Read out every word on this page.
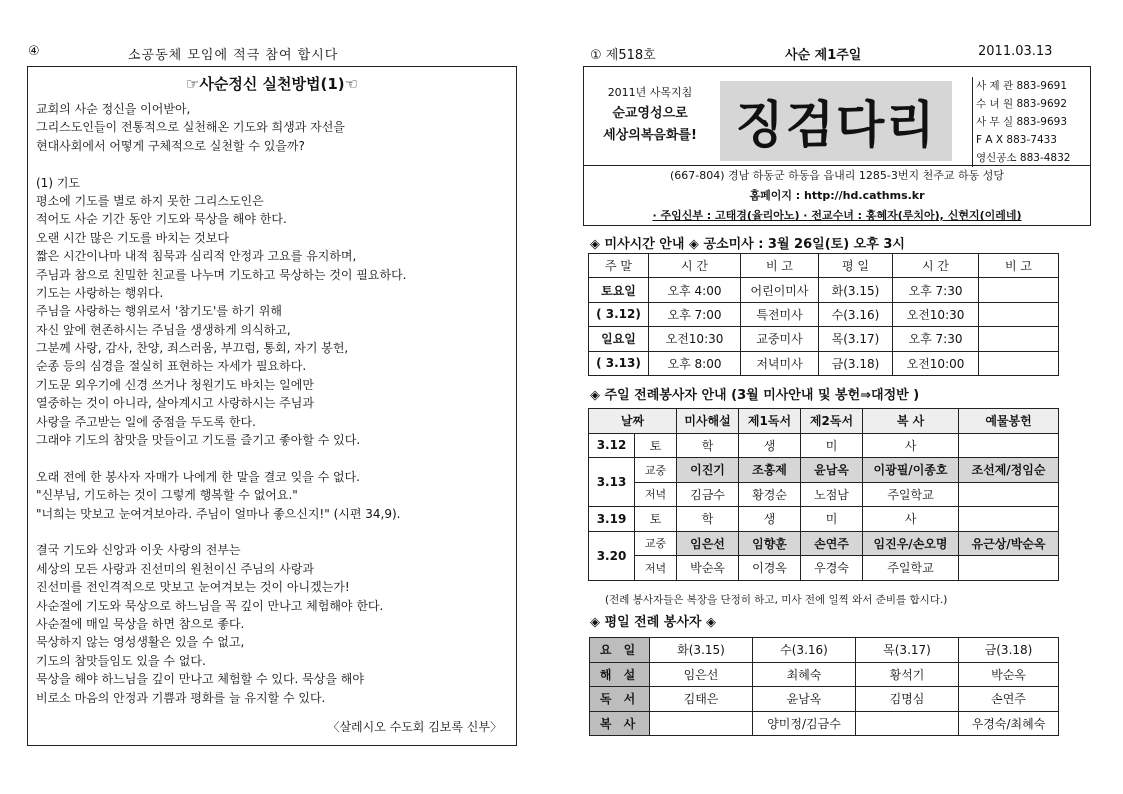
④	소공동체 모임에 적극 참여 합시다
☞사순정신 실천방법(1)☜
교회의 사순 정신을 이어받아,
그리스도인들이 전통적으로 실천해온 기도와 희생과 자선을
현대사회에서 어떻게 구체적으로 실천할 수 있을까?
(1) 기도
평소에 기도를 별로 하지 못한 그리스도인은
적어도 사순 기간 동안 기도와 묵상을 해야 한다.
오랜 시간 많은 기도를 바치는 것보다
짧은 시간이나마 내적 침묵과 심리적 안정과 고요를 유지하며,
주님과 참으로 친밀한 친교를 나누며 기도하고 묵상하는 것이 필요하다.
기도는 사랑하는 행위다.
주님을 사랑하는 행위로서 '참기도'를 하기 위해
자신 앞에 현존하시는 주님을 생생하게 의식하고,
그분께 사랑, 감사, 찬양, 죄스러움, 부끄럼, 통회, 자기 봉헌,
순종 등의 심경을 절실히 표현하는 자세가 필요하다.
기도문 외우기에 신경 쓰거나 청원기도 바치는 일에만
열중하는 것이 아니라, 살아계시고 사랑하시는 주님과
사랑을 주고받는 일에 중점을 두도록 한다.
그래야 기도의 참맛을 맛들이고 기도를 즐기고 좋아할 수 있다.
오래 전에 한 봉사자 자매가 나에게 한 말을 결코 잊을 수 없다.
"신부님, 기도하는 것이 그렇게 행복할 수 없어요."
"너희는 맛보고 눈여겨보아라. 주님이 얼마나 좋으신지!" (시편 34,9).
결국 기도와 신앙과 이웃 사랑의 전부는
세상의 모든 사랑과 진선미의 원천이신 주님의 사랑과
진선미를 전인격적으로 맛보고 눈여겨보는 것이 아니겠는가!
사순절에 기도와 묵상으로 하느님을 꼭 깊이 만나고 체험해야 한다.
사순절에 매일 묵상을 하면 참으로 좋다.
묵상하지 않는 영성생활은 있을 수 없고,
기도의 참맛들임도 있을 수 없다.
묵상을 해야 하느님을 깊이 만나고 체험할 수 있다. 묵상을 해야
비로소 마음의 안정과 기쁨과 평화를 늘 유지할 수 있다.
〈살레시오 수도회 김보록 신부〉
① 제518호	사순 제1주일	2011.03.13
2011년 사목지침
순교영성으로
세상의복음화를! 징검다리
사 제 관 883-9691
수 녀 원 883-9692
사 무 실 883-9693
F A X 883-7433
영신공소 883-4832
(667-804) 경남 하동군 하동읍 읍내리 1285-3번지 천주교 하동 성당
홈페이지 : http://hd.cathms.kr
· 주임신부 : 고태경(율리아노) · 전교수녀 : 홍혜자(루치아), 신현지(이레네)
◈ 미사시간 안내 ◈ 공소미사 : 3월 26일(토) 오후 3시
주 말	시 간	비 고	평 일	시 간	비 고
토요일	오후 4:00	어린이미사	화(3.15)	오후 7:30	
( 3.12)	오후 7:00	특전미사	수(3.16)	오전10:30	
일요일	오전10:30	교중미사	목(3.17)	오후 7:30	
( 3.13)	오후 8:00	저녁미사	금(3.18)	오전10:00	
◈ 주일 전례봉사자 안내 (3월 미사안내 및 봉헌⇒대정반 )
날짜		미사해설	제1독서	제2독서	복 사	예물봉헌
3.12	토	학	생	미	사	
3.13	교중	이진기	조홍제	윤남옥	이광필/이종호	조선제/정임순
	저녁	김금수	황경순	노점남	주일학교	
3.19	토	학	생	미	사	
3.20	교중	임은선	임향훈	손연주	임진우/손오명	유근상/박순옥
	저녁	박순옥	이경옥	우경숙	주일학교	
(전례 봉사자들은 복장을 단정히 하고, 미사 전에 일찍 와서 준비를 합시다.)
◈ 평일 전례 봉사자 ◈
요 일	화(3.15)	수(3.16)	목(3.17)	금(3.18)
해 설	임은선	최혜숙	황석기	박순옥
독 서	김태은	윤남옥	김명심	손연주
복 사		양미정/김금수		우경숙/최혜숙
